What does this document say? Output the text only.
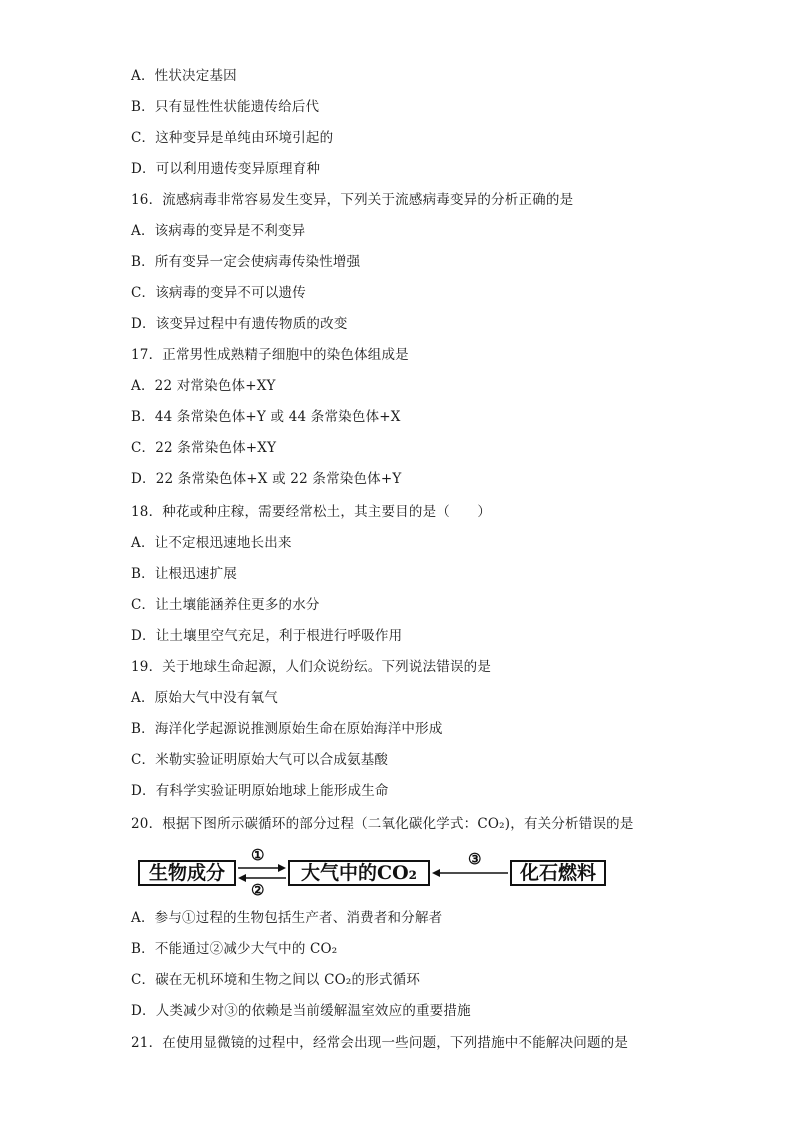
A．性状决定基因
B．只有显性性状能遗传给后代
C．这种变异是单纯由环境引起的
D．可以利用遗传变异原理育种
16．流感病毒非常容易发生变异，下列关于流感病毒变异的分析正确的是
A．该病毒的变异是不利变异
B．所有变异一定会使病毒传染性增强
C．该病毒的变异不可以遗传
D．该变异过程中有遗传物质的改变
17．正常男性成熟精子细胞中的染色体组成是
A．22 对常染色体+XY
B．44 条常染色体+Y 或 44 条常染色体+X
C．22 条常染色体+XY
D．22 条常染色体+X 或 22 条常染色体+Y
18．种花或种庄稼，需要经常松土，其主要目的是（　　）
A．让不定根迅速地长出来
B．让根迅速扩展
C．让土壤能涵养住更多的水分
D．让土壤里空气充足，利于根进行呼吸作用
19．关于地球生命起源，人们众说纷纭。下列说法错误的是
A．原始大气中没有氧气
B．海洋化学起源说推测原始生命在原始海洋中形成
C．米勒实验证明原始大气可以合成氨基酸
D．有科学实验证明原始地球上能形成生命
20．根据下图所示碳循环的部分过程（二氧化碳化学式：CO₂)，有关分析错误的是
生物成分	大气中的CO₂	化石燃料
①
②
③
A．参与①过程的生物包括生产者、消费者和分解者
B．不能通过②减少大气中的 CO₂
C．碳在无机环境和生物之间以 CO₂的形式循环
D．人类减少对③的依赖是当前缓解温室效应的重要措施
21．在使用显微镜的过程中，经常会出现一些问题，下列措施中不能解决问题的是
